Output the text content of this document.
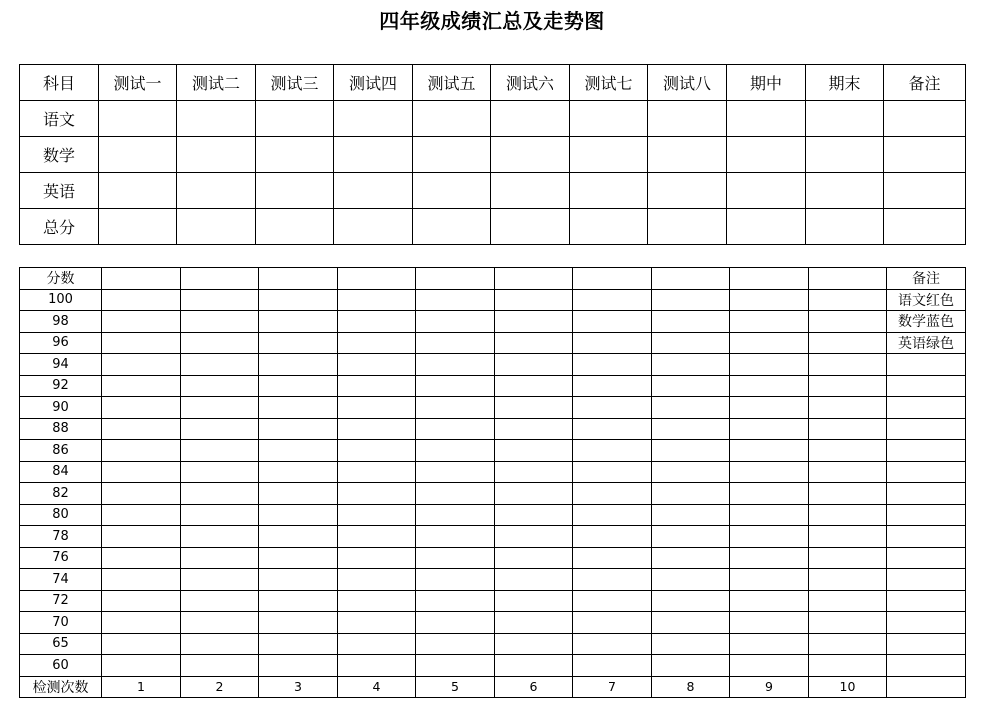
四年级成绩汇总及走势图
科目	测试一	测试二	测试三	测试四	测试五	测试六	测试七	测试八	期中	期末	备注
语文											
数学											
英语											
总分											
分数											备注
100											语文红色
98											数学蓝色
96											英语绿色
94											
92											
90											
88											
86											
84											
82											
80											
78											
76											
74											
72											
70											
65											
60											
检测次数	1	2	3	4	5	6	7	8	9	10	
